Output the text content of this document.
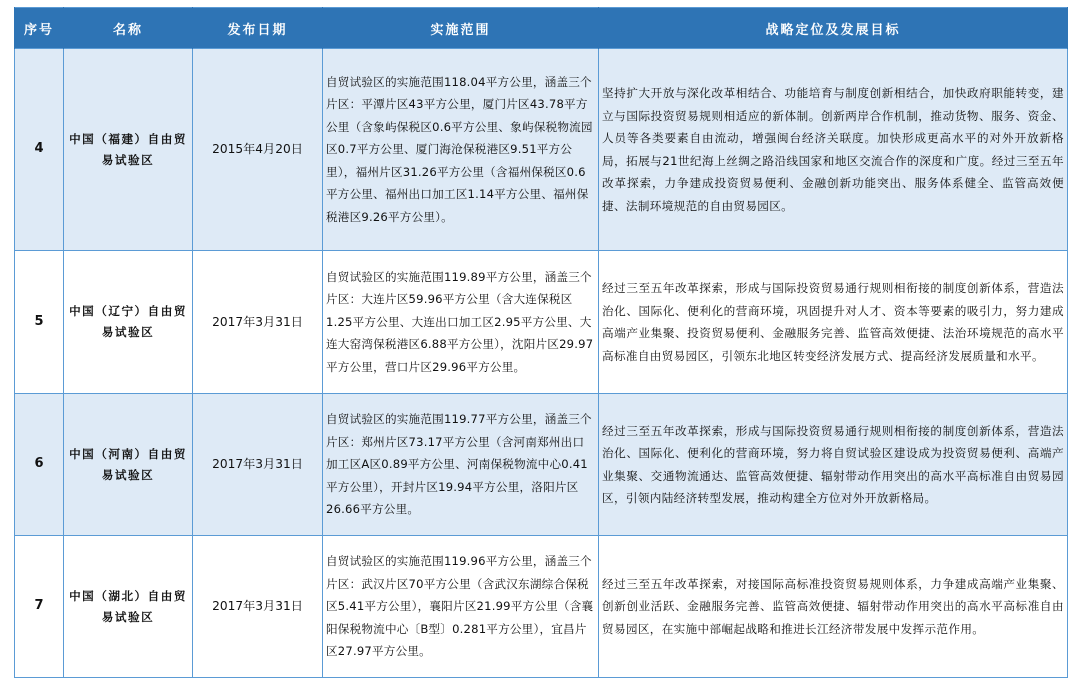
序号	名称	发布日期	实施范围	战略定位及发展目标
4	中国（福建）自由贸易试验区	2015年4月20日	自贸试验区的实施范围118.04平方公里，涵盖三个片区：平潭片区43平方公里，厦门片区43.78平方公里（含象屿保税区0.6平方公里、象屿保税物流园区0.7平方公里、厦门海沧保税港区9.51平方公里），福州片区31.26平方公里（含福州保税区0.6平方公里、福州出口加工区1.14平方公里、福州保税港区9.26平方公里）。	坚持扩大开放与深化改革相结合、功能培育与制度创新相结合，加快政府职能转变，建立与国际投资贸易规则相适应的新体制。创新两岸合作机制，推动货物、服务、资金、人员等各类要素自由流动，增强闽台经济关联度。加快形成更高水平的对外开放新格局，拓展与21世纪海上丝绸之路沿线国家和地区交流合作的深度和广度。经过三至五年改革探索，力争建成投资贸易便利、金融创新功能突出、服务体系健全、监管高效便捷、法制环境规范的自由贸易园区。
5	中国（辽宁）自由贸易试验区	2017年3月31日	自贸试验区的实施范围119.89平方公里，涵盖三个片区：大连片区59.96平方公里（含大连保税区1.25平方公里、大连出口加工区2.95平方公里、大连大窑湾保税港区6.88平方公里），沈阳片区29.97平方公里，营口片区29.96平方公里。	经过三至五年改革探索，形成与国际投资贸易通行规则相衔接的制度创新体系，营造法治化、国际化、便利化的营商环境，巩固提升对人才、资本等要素的吸引力，努力建成高端产业集聚、投资贸易便利、金融服务完善、监管高效便捷、法治环境规范的高水平高标准自由贸易园区，引领东北地区转变经济发展方式、提高经济发展质量和水平。
6	中国（河南）自由贸易试验区	2017年3月31日	自贸试验区的实施范围119.77平方公里，涵盖三个片区：郑州片区73.17平方公里（含河南郑州出口加工区A区0.89平方公里、河南保税物流中心0.41平方公里），开封片区19.94平方公里，洛阳片区26.66平方公里。	经过三至五年改革探索，形成与国际投资贸易通行规则相衔接的制度创新体系，营造法治化、国际化、便利化的营商环境，努力将自贸试验区建设成为投资贸易便利、高端产业集聚、交通物流通达、监管高效便捷、辐射带动作用突出的高水平高标准自由贸易园区，引领内陆经济转型发展，推动构建全方位对外开放新格局。
7	中国（湖北）自由贸易试验区	2017年3月31日	自贸试验区的实施范围119.96平方公里，涵盖三个片区：武汉片区70平方公里（含武汉东湖综合保税区5.41平方公里），襄阳片区21.99平方公里（含襄阳保税物流中心〔B型〕0.281平方公里），宜昌片区27.97平方公里。	经过三至五年改革探索，对接国际高标准投资贸易规则体系，力争建成高端产业集聚、创新创业活跃、金融服务完善、监管高效便捷、辐射带动作用突出的高水平高标准自由贸易园区，在实施中部崛起战略和推进长江经济带发展中发挥示范作用。
